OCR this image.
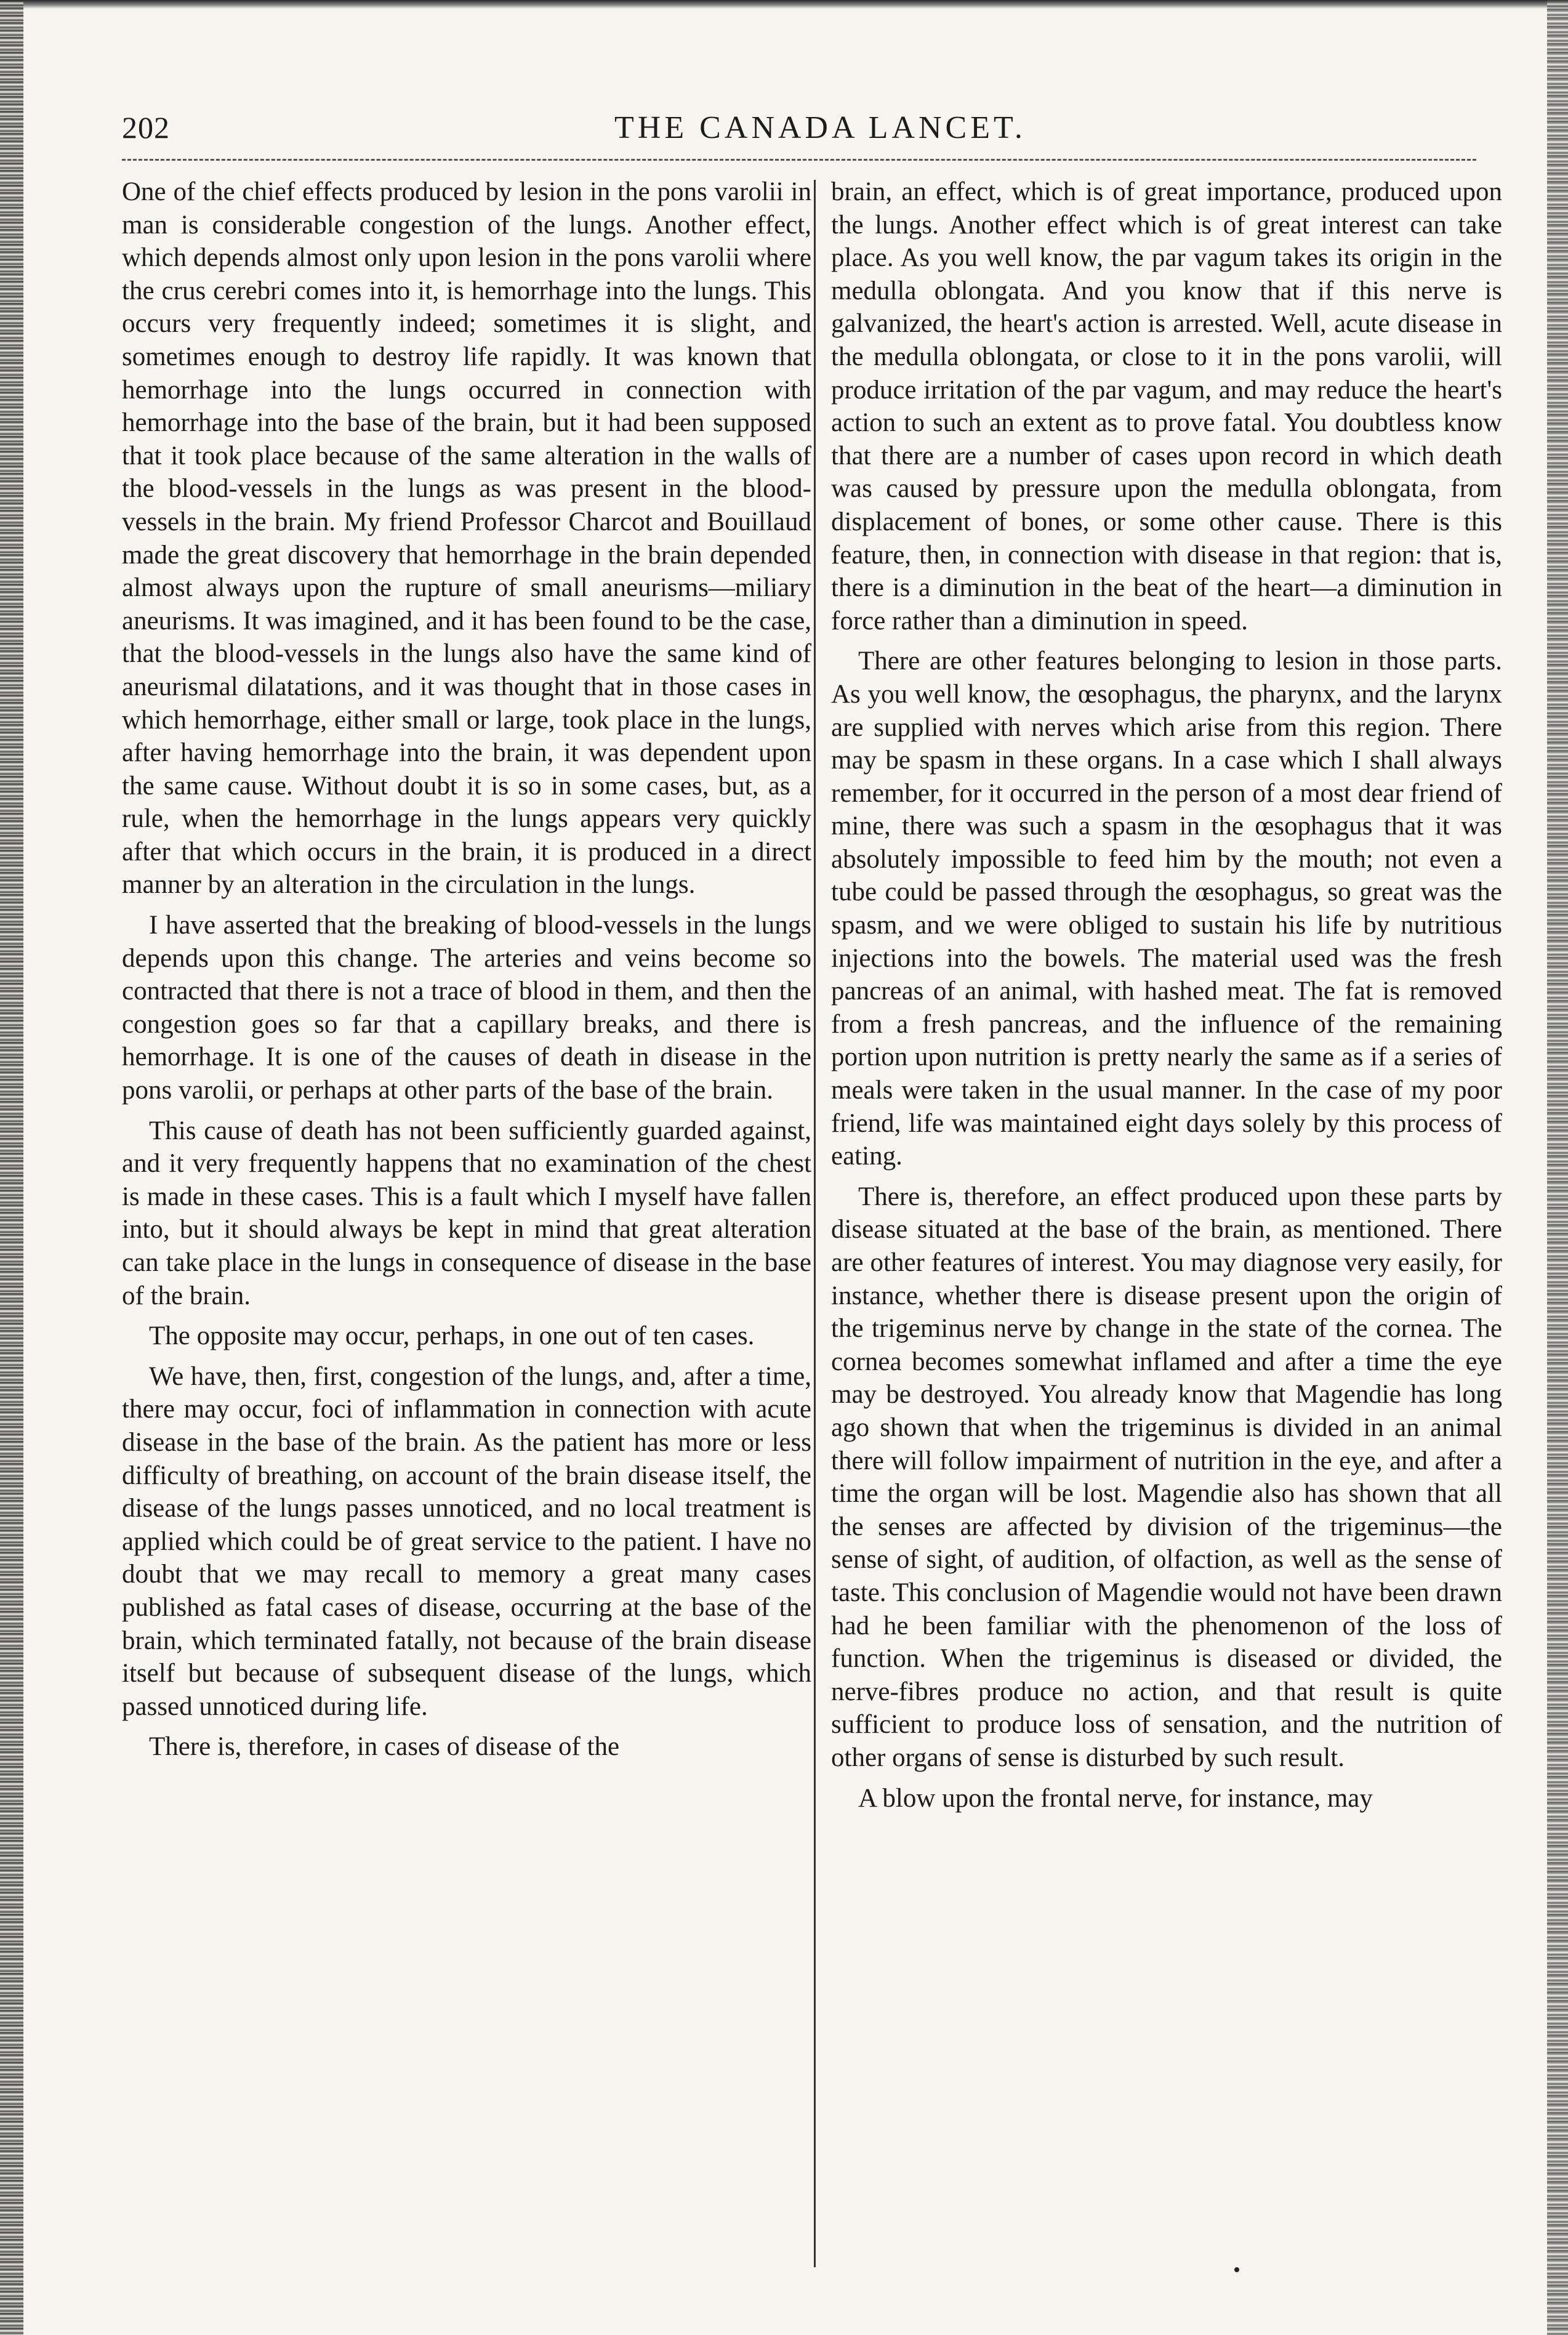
202	THE CANADA LANCET.

One of the chief effects produced by lesion in the pons varolii in man is considerable congestion of the lungs. Another effect, which depends almost only upon lesion in the pons varolii where the crus cerebri comes into it, is hemorrhage into the lungs. This occurs very frequently indeed; sometimes it is slight, and sometimes enough to destroy life rapidly. It was known that hemorrhage into the lungs occurred in connection with hemorrhage into the base of the brain, but it had been supposed that it took place because of the same alteration in the walls of the blood-vessels in the lungs as was present in the blood-vessels in the brain. My friend Professor Charcot and Bouillaud made the great discovery that hemorrhage in the brain depended almost always upon the rupture of small aneurisms—miliary aneurisms. It was imagined, and it has been found to be the case, that the blood-vessels in the lungs also have the same kind of aneurismal dilatations, and it was thought that in those cases in which hemorrhage, either small or large, took place in the lungs, after having hemorrhage into the brain, it was dependent upon the same cause. Without doubt it is so in some cases, but, as a rule, when the hemorrhage in the lungs appears very quickly after that which occurs in the brain, it is produced in a direct manner by an alteration in the circulation in the lungs.

I have asserted that the breaking of blood-vessels in the lungs depends upon this change. The arteries and veins become so contracted that there is not a trace of blood in them, and then the congestion goes so far that a capillary breaks, and there is hemorrhage. It is one of the causes of death in disease in the pons varolii, or perhaps at other parts of the base of the brain.

This cause of death has not been sufficiently guarded against, and it very frequently happens that no examination of the chest is made in these cases. This is a fault which I myself have fallen into, but it should always be kept in mind that great alteration can take place in the lungs in consequence of disease in the base of the brain.

The opposite may occur, perhaps, in one out of ten cases.

We have, then, first, congestion of the lungs, and, after a time, there may occur, foci of inflammation in connection with acute disease in the base of the brain. As the patient has more or less difficulty of breathing, on account of the brain disease itself, the disease of the lungs passes unnoticed, and no local treatment is applied which could be of great service to the patient. I have no doubt that we may recall to memory a great many cases published as fatal cases of disease, occurring at the base of the brain, which terminated fatally, not because of the brain disease itself but because of subsequent disease of the lungs, which passed unnoticed during life.

There is, therefore, in cases of disease of the

brain, an effect, which is of great importance, produced upon the lungs. Another effect which is of great interest can take place. As you well know, the par vagum takes its origin in the medulla oblongata. And you know that if this nerve is galvanized, the heart's action is arrested. Well, acute disease in the medulla oblongata, or close to it in the pons varolii, will produce irritation of the par vagum, and may reduce the heart's action to such an extent as to prove fatal. You doubtless know that there are a number of cases upon record in which death was caused by pressure upon the medulla oblongata, from displacement of bones, or some other cause. There is this feature, then, in connection with disease in that region: that is, there is a diminution in the beat of the heart—a diminution in force rather than a diminution in speed.

There are other features belonging to lesion in those parts. As you well know, the œsophagus, the pharynx, and the larynx are supplied with nerves which arise from this region. There may be spasm in these organs. In a case which I shall always remember, for it occurred in the person of a most dear friend of mine, there was such a spasm in the œsophagus that it was absolutely impossible to feed him by the mouth; not even a tube could be passed through the œsophagus, so great was the spasm, and we were obliged to sustain his life by nutritious injections into the bowels. The material used was the fresh pancreas of an animal, with hashed meat. The fat is removed from a fresh pancreas, and the influence of the remaining portion upon nutrition is pretty nearly the same as if a series of meals were taken in the usual manner. In the case of my poor friend, life was maintained eight days solely by this process of eating.

There is, therefore, an effect produced upon these parts by disease situated at the base of the brain, as mentioned. There are other features of interest. You may diagnose very easily, for instance, whether there is disease present upon the origin of the trigeminus nerve by change in the state of the cornea. The cornea becomes somewhat inflamed and after a time the eye may be destroyed. You already know that Magendie has long ago shown that when the trigeminus is divided in an animal there will follow impairment of nutrition in the eye, and after a time the organ will be lost. Magendie also has shown that all the senses are affected by division of the trigeminus—the sense of sight, of audition, of olfaction, as well as the sense of taste. This conclusion of Magendie would not have been drawn had he been familiar with the phenomenon of the loss of function. When the trigeminus is diseased or divided, the nerve-fibres produce no action, and that result is quite sufficient to produce loss of sensation, and the nutrition of other organs of sense is disturbed by such result.

A blow upon the frontal nerve, for instance, may
